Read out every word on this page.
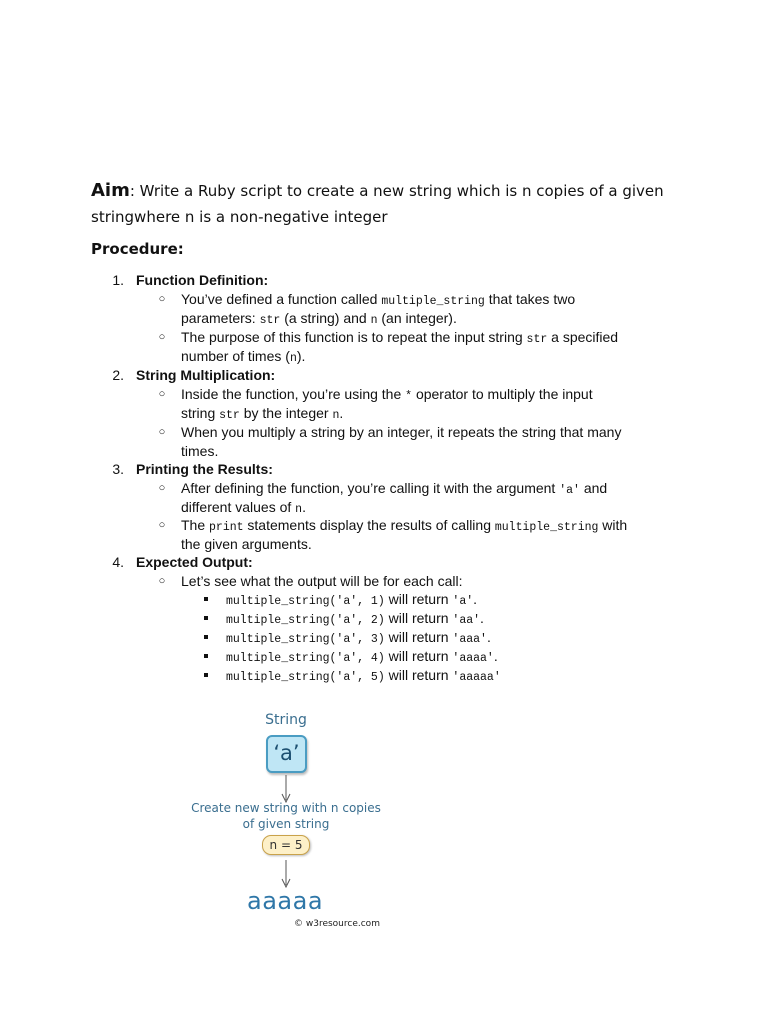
Aim: Write a Ruby script to create a new string which is n copies of a given stringwhere n is a non-negative integer
Procedure:
1. Function Definition:
○ You’ve defined a function called multiple_string that takes two
parameters: str (a string) and n (an integer).
○ The purpose of this function is to repeat the input string str a specified
number of times (n).
2. String Multiplication:
○ Inside the function, you’re using the * operator to multiply the input
string str by the integer n.
○ When you multiply a string by an integer, it repeats the string that many
times.
3. Printing the Results:
○ After defining the function, you’re calling it with the argument 'a' and
different values of n.
○ The print statements display the results of calling multiple_string with
the given arguments.
4. Expected Output:
○ Let’s see what the output will be for each call:
multiple_string('a', 1) will return 'a'.
multiple_string('a', 2) will return 'aa'.
multiple_string('a', 3) will return 'aaa'.
multiple_string('a', 4) will return 'aaaa'.
multiple_string('a', 5) will return 'aaaaa'
String
‘a’
Create new string with n copies
of given string
n = 5
aaaaa
© w3resource.com
